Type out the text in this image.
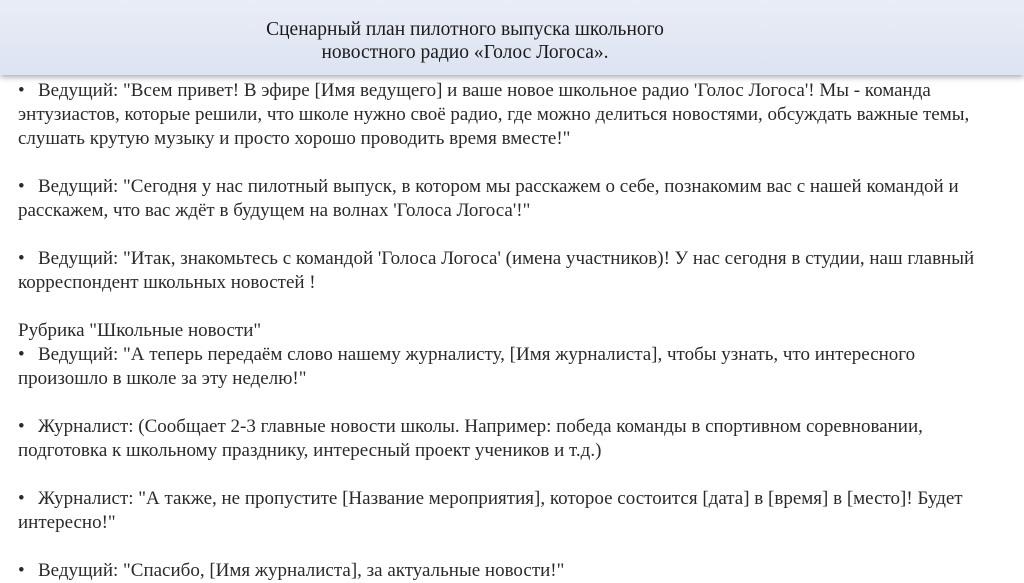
Сценарный план пилотного выпуска школьного
новостного радио «Голос Логоса».

• Ведущий: "Всем привет! В эфире [Имя ведущего] и ваше новое школьное радио 'Голос Логоса'! Мы - команда энтузиастов, которые решили, что школе нужно своё радио, где можно делиться новостями, обсуждать важные темы, слушать крутую музыку и просто хорошо проводить время вместе!"

• Ведущий: "Сегодня у нас пилотный выпуск, в котором мы расскажем о себе, познакомим вас с нашей командой и расскажем, что вас ждёт в будущем на волнах 'Голоса Логоса'!"

• Ведущий: "Итак, знакомьтесь с командой 'Голоса Логоса' (имена участников)! У нас сегодня в студии, наш главный корреспондент школьных новостей !

Рубрика "Школьные новости"

• Ведущий: "А теперь передаём слово нашему журналисту, [Имя журналиста], чтобы узнать, что интересного произошло в школе за эту неделю!"

• Журналист: (Сообщает 2-3 главные новости школы. Например: победа команды в спортивном соревновании, подготовка к школьному празднику, интересный проект учеников и т.д.)

• Журналист: "А также, не пропустите [Название мероприятия], которое состоится [дата] в [время] в [место]! Будет интересно!"

• Ведущий: "Спасибо, [Имя журналиста], за актуальные новости!"
